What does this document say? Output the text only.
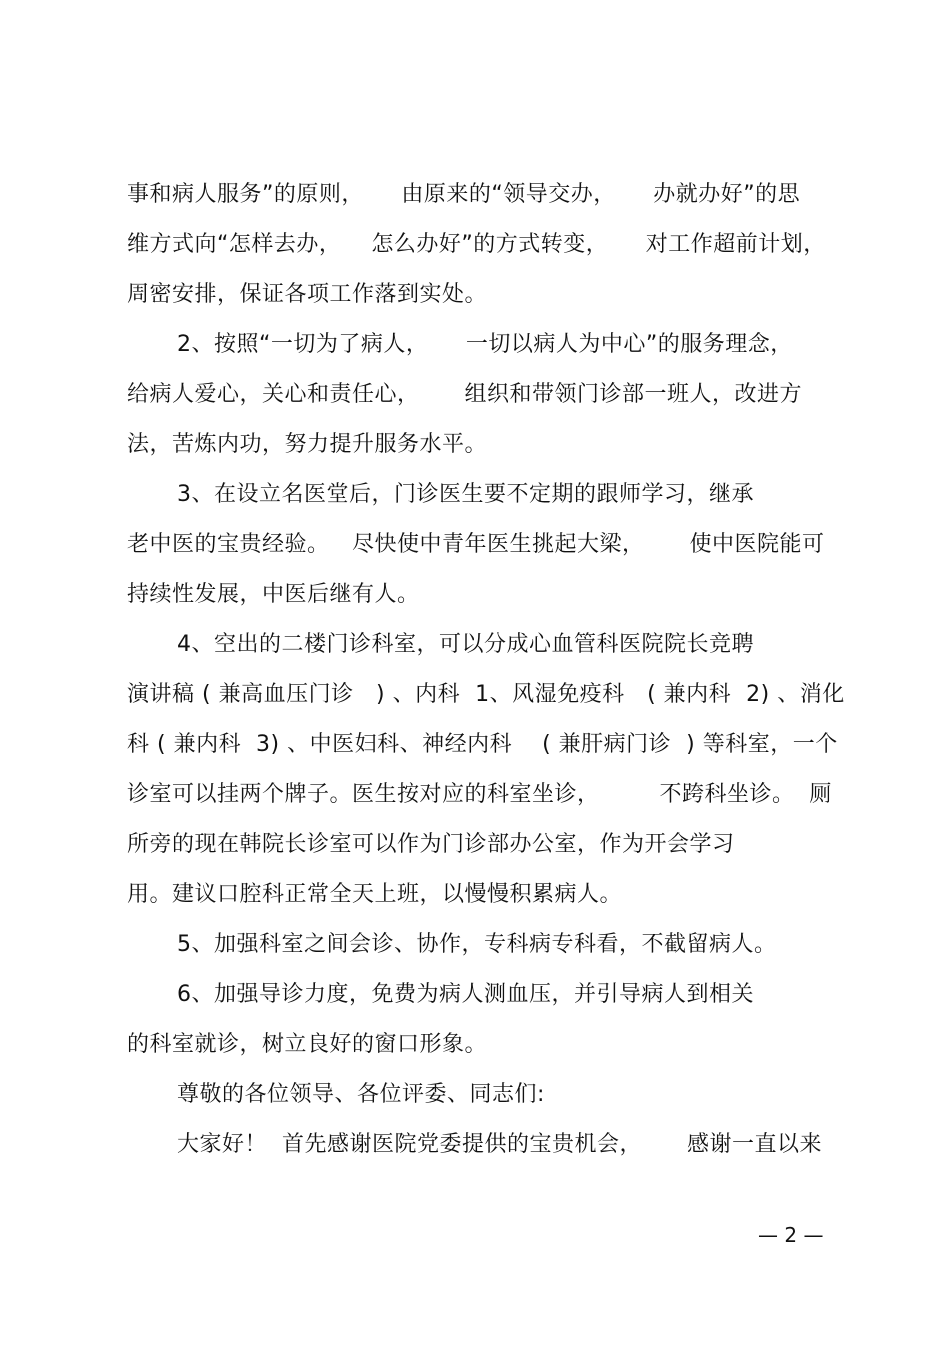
事和病人服务”的原则，     由原来的“领导交办，     办就办好”的思
维方式向“怎样去办，    怎么办好”的方式转变，     对工作超前计划，
周密安排，保证各项工作落到实处。
2、按照“一切为了病人，     一切以病人为中心”的服务理念，
给病人爱心，关心和责任心，      组织和带领门诊部一班人，改进方
法，苦炼内功，努力提升服务水平。
3、在设立名医堂后，门诊医生要不定期的跟师学习，继承
老中医的宝贵经验。   尽快使中青年医生挑起大梁，      使中医院能可
持续性发展，中医后继有人。
4、空出的二楼门诊科室，可以分成心血管科医院院长竞聘
演讲稿 ( 兼高血压门诊   ) 、内科  1、风湿免疫科   ( 兼内科  2) 、消化
科 ( 兼内科  3) 、中医妇科、神经内科    ( 兼肝病门诊  ) 等科室，一个
诊室可以挂两个牌子。医生按对应的科室坐诊，        不跨科坐诊。  厕
所旁的现在韩院长诊室可以作为门诊部办公室，作为开会学习
用。建议口腔科正常全天上班，以慢慢积累病人。
5、加强科室之间会诊、协作，专科病专科看，不截留病人。
6、加强导诊力度，免费为病人测血压，并引导病人到相关
的科室就诊，树立良好的窗口形象。
尊敬的各位领导、各位评委、同志们:
大家好！  首先感谢医院党委提供的宝贵机会，      感谢一直以来
— 2 —
